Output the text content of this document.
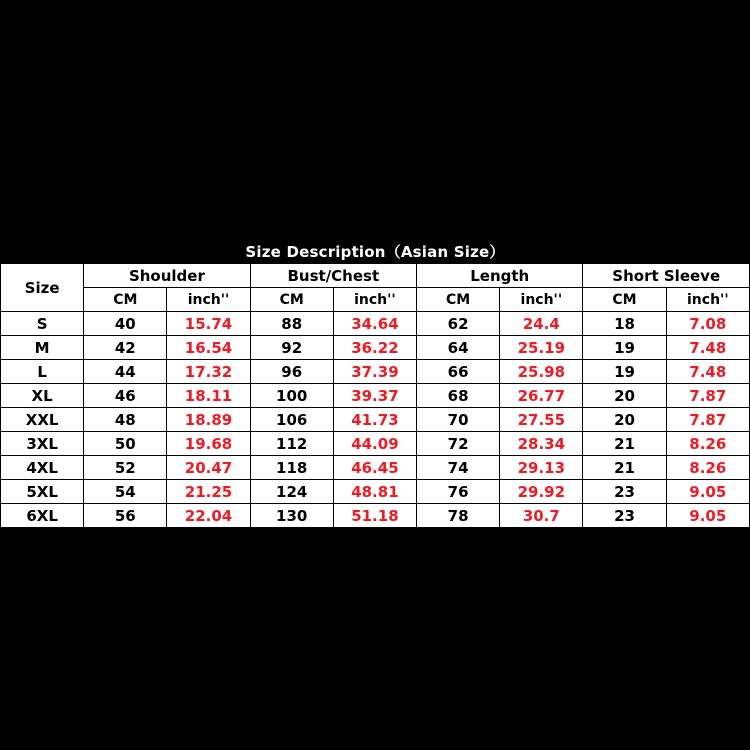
Size Description（Asian Size）								
Size	Shoulder		Bust/Chest		Length		Short Sleeve	
	CM	inch''	CM	inch''	CM	inch''	CM	inch''
S	40	15.74	88	34.64	62	24.4	18	7.08
M	42	16.54	92	36.22	64	25.19	19	7.48
L	44	17.32	96	37.39	66	25.98	19	7.48
XL	46	18.11	100	39.37	68	26.77	20	7.87
XXL	48	18.89	106	41.73	70	27.55	20	7.87
3XL	50	19.68	112	44.09	72	28.34	21	8.26
4XL	52	20.47	118	46.45	74	29.13	21	8.26
5XL	54	21.25	124	48.81	76	29.92	23	9.05
6XL	56	22.04	130	51.18	78	30.7	23	9.05
